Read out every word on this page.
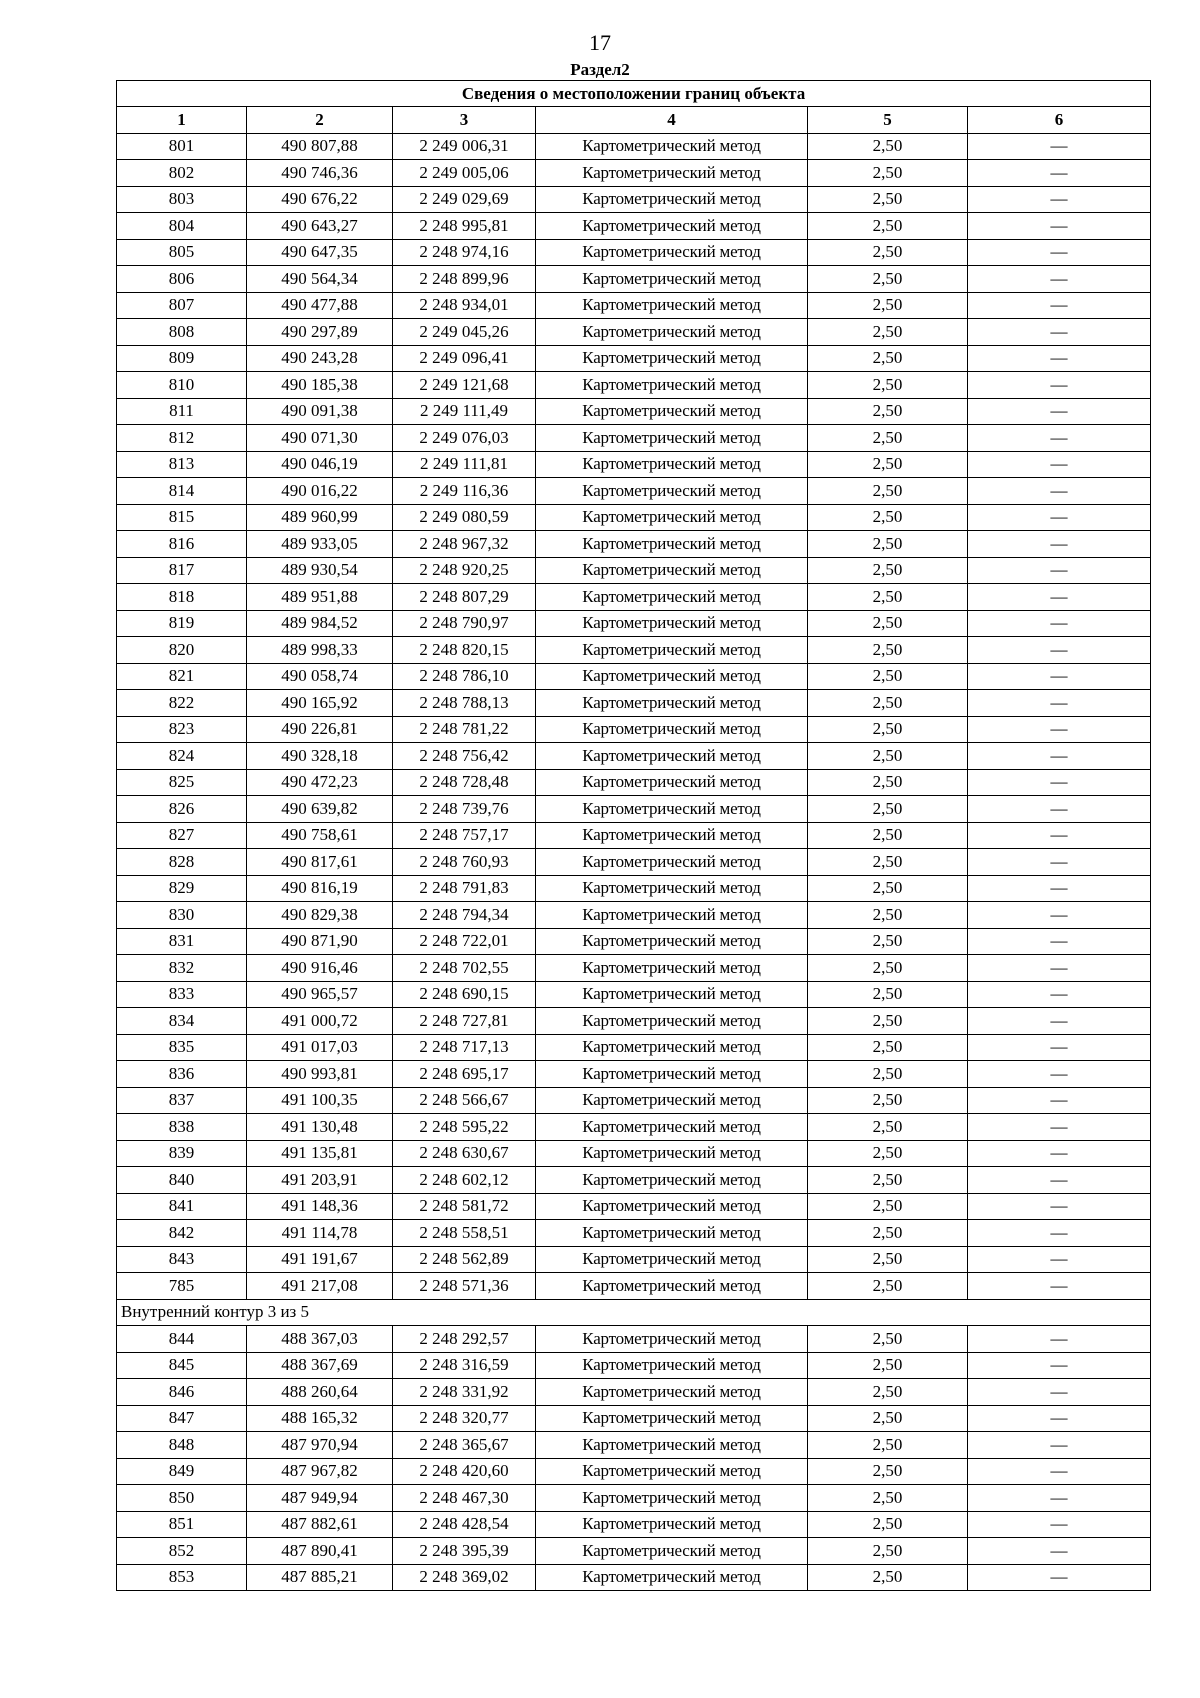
17
Раздел2
Сведения о местоположении границ объекта					
1	2	3	4	5	6
801	490 807,88	2 249 006,31	Картометрический метод	2,50	—
802	490 746,36	2 249 005,06	Картометрический метод	2,50	—
803	490 676,22	2 249 029,69	Картометрический метод	2,50	—
804	490 643,27	2 248 995,81	Картометрический метод	2,50	—
805	490 647,35	2 248 974,16	Картометрический метод	2,50	—
806	490 564,34	2 248 899,96	Картометрический метод	2,50	—
807	490 477,88	2 248 934,01	Картометрический метод	2,50	—
808	490 297,89	2 249 045,26	Картометрический метод	2,50	—
809	490 243,28	2 249 096,41	Картометрический метод	2,50	—
810	490 185,38	2 249 121,68	Картометрический метод	2,50	—
811	490 091,38	2 249 111,49	Картометрический метод	2,50	—
812	490 071,30	2 249 076,03	Картометрический метод	2,50	—
813	490 046,19	2 249 111,81	Картометрический метод	2,50	—
814	490 016,22	2 249 116,36	Картометрический метод	2,50	—
815	489 960,99	2 249 080,59	Картометрический метод	2,50	—
816	489 933,05	2 248 967,32	Картометрический метод	2,50	—
817	489 930,54	2 248 920,25	Картометрический метод	2,50	—
818	489 951,88	2 248 807,29	Картометрический метод	2,50	—
819	489 984,52	2 248 790,97	Картометрический метод	2,50	—
820	489 998,33	2 248 820,15	Картометрический метод	2,50	—
821	490 058,74	2 248 786,10	Картометрический метод	2,50	—
822	490 165,92	2 248 788,13	Картометрический метод	2,50	—
823	490 226,81	2 248 781,22	Картометрический метод	2,50	—
824	490 328,18	2 248 756,42	Картометрический метод	2,50	—
825	490 472,23	2 248 728,48	Картометрический метод	2,50	—
826	490 639,82	2 248 739,76	Картометрический метод	2,50	—
827	490 758,61	2 248 757,17	Картометрический метод	2,50	—
828	490 817,61	2 248 760,93	Картометрический метод	2,50	—
829	490 816,19	2 248 791,83	Картометрический метод	2,50	—
830	490 829,38	2 248 794,34	Картометрический метод	2,50	—
831	490 871,90	2 248 722,01	Картометрический метод	2,50	—
832	490 916,46	2 248 702,55	Картометрический метод	2,50	—
833	490 965,57	2 248 690,15	Картометрический метод	2,50	—
834	491 000,72	2 248 727,81	Картометрический метод	2,50	—
835	491 017,03	2 248 717,13	Картометрический метод	2,50	—
836	490 993,81	2 248 695,17	Картометрический метод	2,50	—
837	491 100,35	2 248 566,67	Картометрический метод	2,50	—
838	491 130,48	2 248 595,22	Картометрический метод	2,50	—
839	491 135,81	2 248 630,67	Картометрический метод	2,50	—
840	491 203,91	2 248 602,12	Картометрический метод	2,50	—
841	491 148,36	2 248 581,72	Картометрический метод	2,50	—
842	491 114,78	2 248 558,51	Картометрический метод	2,50	—
843	491 191,67	2 248 562,89	Картометрический метод	2,50	—
785	491 217,08	2 248 571,36	Картометрический метод	2,50	—
Внутренний контур 3 из 5					
844	488 367,03	2 248 292,57	Картометрический метод	2,50	—
845	488 367,69	2 248 316,59	Картометрический метод	2,50	—
846	488 260,64	2 248 331,92	Картометрический метод	2,50	—
847	488 165,32	2 248 320,77	Картометрический метод	2,50	—
848	487 970,94	2 248 365,67	Картометрический метод	2,50	—
849	487 967,82	2 248 420,60	Картометрический метод	2,50	—
850	487 949,94	2 248 467,30	Картометрический метод	2,50	—
851	487 882,61	2 248 428,54	Картометрический метод	2,50	—
852	487 890,41	2 248 395,39	Картометрический метод	2,50	—
853	487 885,21	2 248 369,02	Картометрический метод	2,50	—
